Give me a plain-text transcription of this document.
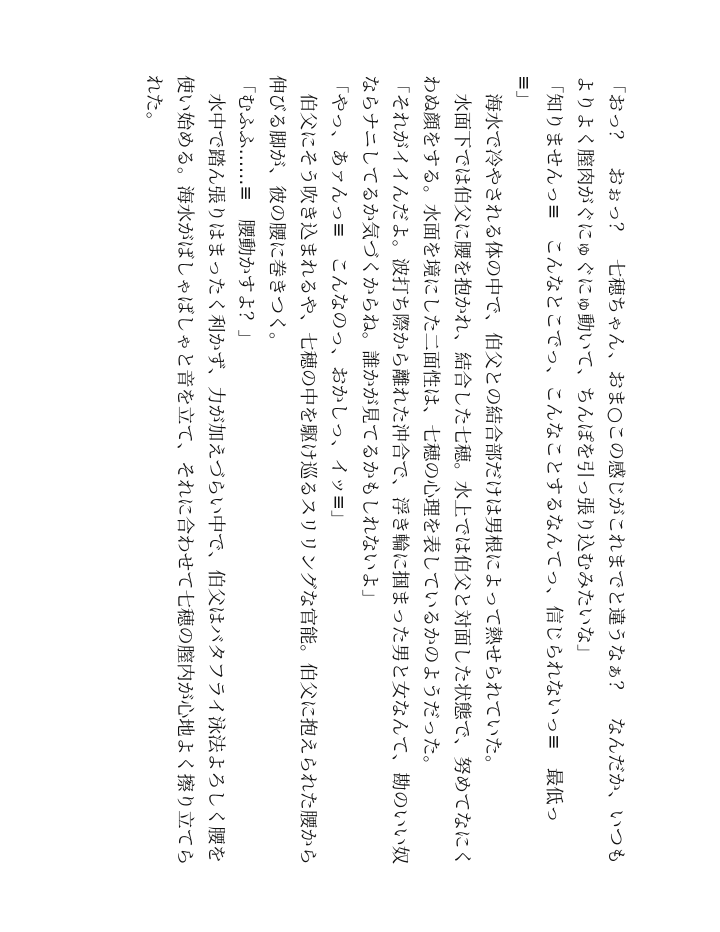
「おっ？　おぉっ？　七穂ちゃん、おま○この感じがこれまでと違うなぁ？　なんだか、いつも
よりよく膣肉がぐにゅぐにゅ動いて、ちんぽを引っ張り込むみたいな」
「知りませんっ≡　こんなとこでっ、こんなことするなんてっ、信じられないっ≡　最低っ
≡」
　海水で冷やされる体の中で、伯父との結合部だけは男根によって熱せられていた。
　水面下では伯父に腰を抱かれ、結合した七穂。水上では伯父と対面した状態で、努めてなにく
わぬ顔をする。水面を境にした二面性は、七穂の心理を表しているかのようだった。
「それがイイんだよ。波打ち際から離れた沖合で、浮き輪に掴まった男と女なんて、勘のいい奴
ならナニしてるか気づくからね。誰かが見てるかもしれないよ」
「やっ、あァんっ≡　こんなのっ、おかしっ、イッ≡」
　伯父にそう吹き込まれるや、七穂の中を駆け巡るスリリングな官能。伯父に抱えられた腰から
伸びる脚が、彼の腰に巻きつく。
「むふふ……≡　腰動かすよ？」
　水中で踏ん張りはまったく利かず、力が加えづらい中で、伯父はバタフライ泳法よろしく腰を
使い始める。海水がばしゃばしゃと音を立て、それに合わせて七穂の膣内が心地よく擦り立てら
れた。
